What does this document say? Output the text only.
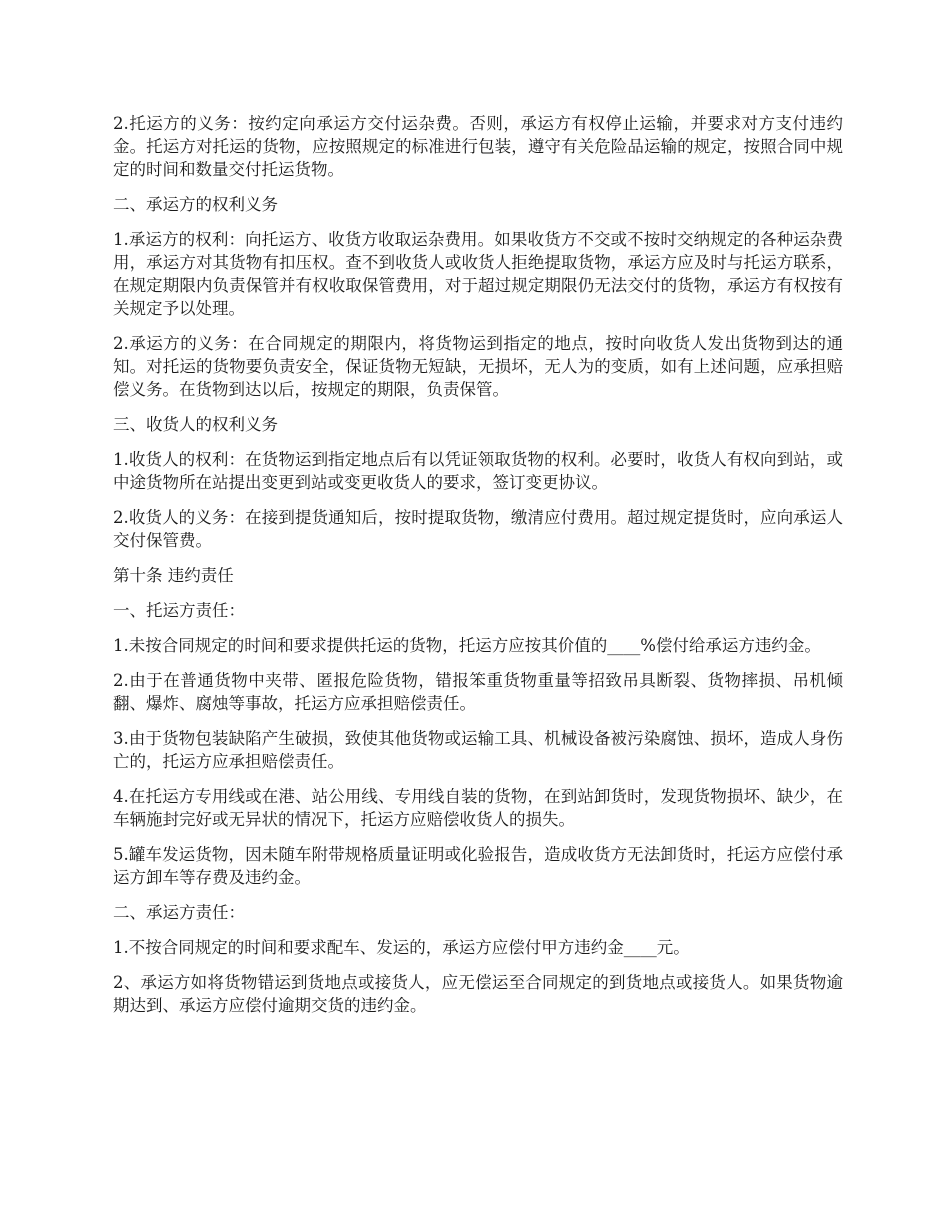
2.托运方的义务：按约定向承运方交付运杂费。否则，承运方有权停止运输，并要求对方支付违约金。托运方对托运的货物，应按照规定的标准进行包装，遵守有关危险品运输的规定，按照合同中规定的时间和数量交付托运货物。

二、承运方的权利义务

1.承运方的权利：向托运方、收货方收取运杂费用。如果收货方不交或不按时交纳规定的各种运杂费用，承运方对其货物有扣压权。查不到收货人或收货人拒绝提取货物，承运方应及时与托运方联系，在规定期限内负责保管并有权收取保管费用，对于超过规定期限仍无法交付的货物，承运方有权按有关规定予以处理。

2.承运方的义务：在合同规定的期限内，将货物运到指定的地点，按时向收货人发出货物到达的通知。对托运的货物要负责安全，保证货物无短缺，无损坏，无人为的变质，如有上述问题，应承担赔偿义务。在货物到达以后，按规定的期限，负责保管。

三、收货人的权利义务

1.收货人的权利：在货物运到指定地点后有以凭证领取货物的权利。必要时，收货人有权向到站，或中途货物所在站提出变更到站或变更收货人的要求，签订变更协议。

2.收货人的义务：在接到提货通知后，按时提取货物，缴清应付费用。超过规定提货时，应向承运人交付保管费。

第十条 违约责任

一、托运方责任：

1.未按合同规定的时间和要求提供托运的货物，托运方应按其价值的____%偿付给承运方违约金。

2.由于在普通货物中夹带、匿报危险货物，错报笨重货物重量等招致吊具断裂、货物摔损、吊机倾翻、爆炸、腐烛等事故，托运方应承担赔偿责任。

3.由于货物包装缺陷产生破损，致使其他货物或运输工具、机械设备被污染腐蚀、损坏，造成人身伤亡的，托运方应承担赔偿责任。

4.在托运方专用线或在港、站公用线、专用线自装的货物，在到站卸货时，发现货物损坏、缺少，在车辆施封完好或无异状的情况下，托运方应赔偿收货人的损失。

5.罐车发运货物，因未随车附带规格质量证明或化验报告，造成收货方无法卸货时，托运方应偿付承运方卸车等存费及违约金。

二、承运方责任：

1.不按合同规定的时间和要求配车、发运的，承运方应偿付甲方违约金____元。

2、承运方如将货物错运到货地点或接货人，应无偿运至合同规定的到货地点或接货人。如果货物逾期达到、承运方应偿付逾期交货的违约金。
